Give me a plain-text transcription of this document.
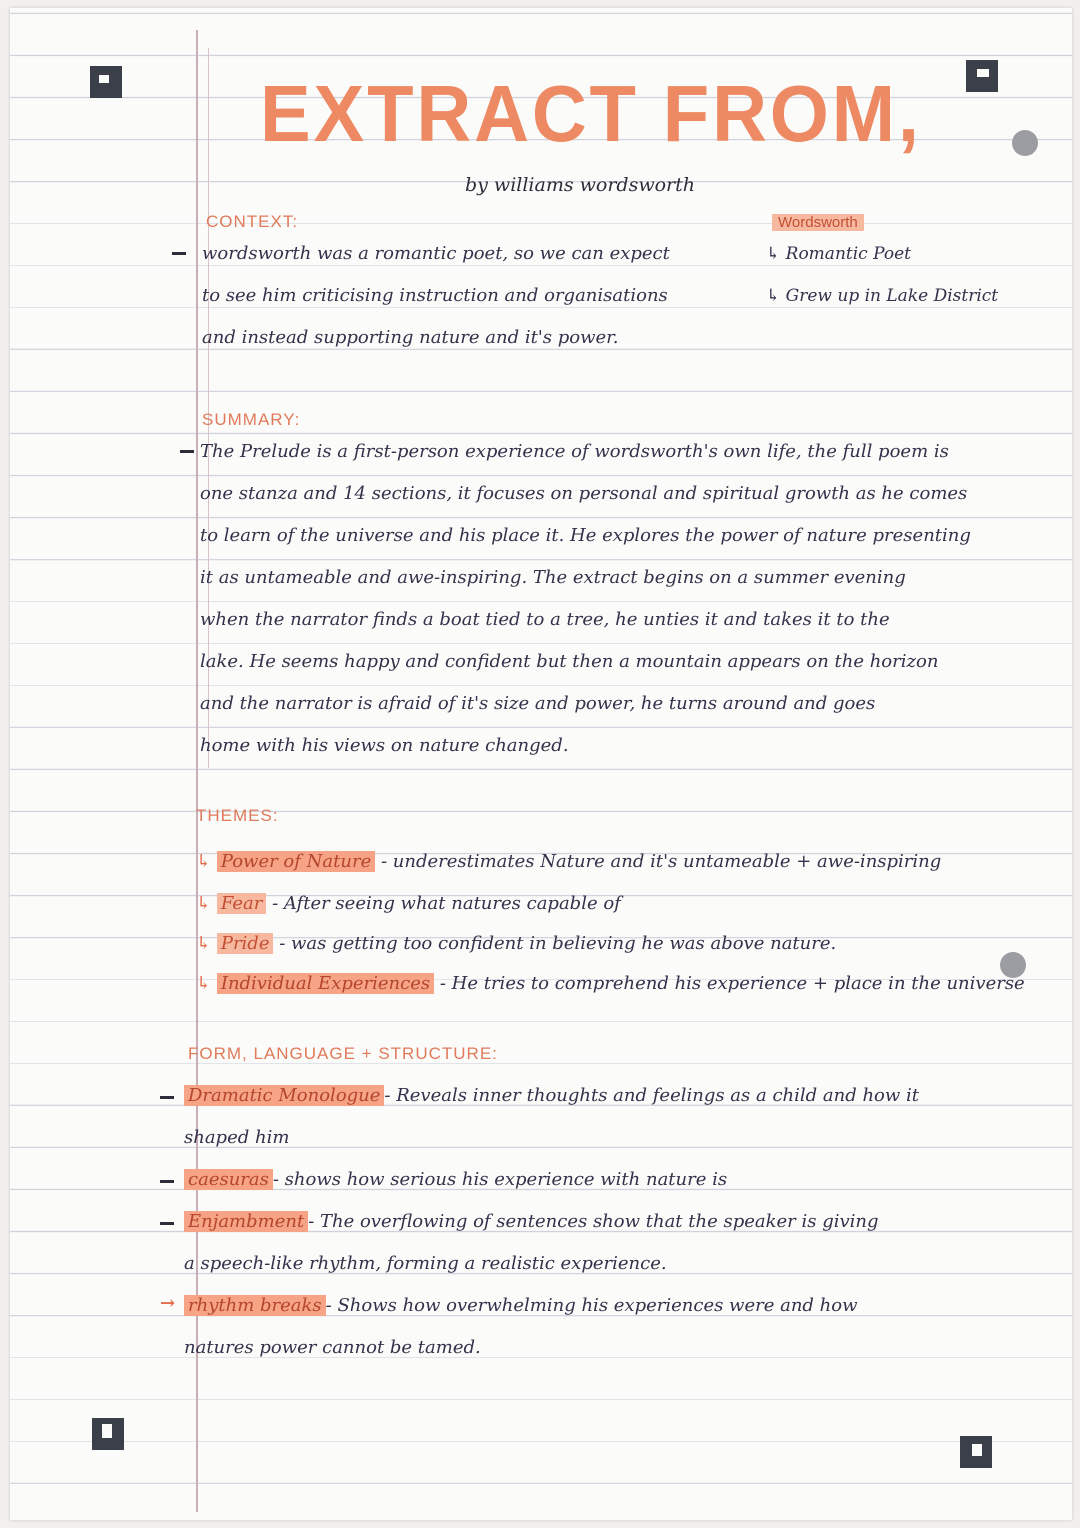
EXTRACT FROM,
by williams wordsworth
CONTEXT:
wordsworth was a romantic poet, so we can expect
to see him criticising instruction and organisations
and instead supporting nature and it's power.
Wordsworth
↳ Romantic Poet
↳ Grew up in Lake District
SUMMARY:
The Prelude is a first-person experience of wordsworth's own life, the full poem is
one stanza and 14 sections, it focuses on personal and spiritual growth as he comes
to learn of the universe and his place it. He explores the power of nature presenting
it as untameable and awe-inspiring. The extract begins on a summer evening
when the narrator finds a boat tied to a tree, he unties it and takes it to the
lake. He seems happy and confident but then a mountain appears on the horizon
and the narrator is afraid of it's size and power, he turns around and goes
home with his views on nature changed.
THEMES:
↳ Power of Nature - underestimates Nature and it's untameable + awe-inspiring
↳ Fear - After seeing what natures capable of
↳ Pride - was getting too confident in believing he was above nature.
↳ Individual Experiences - He tries to comprehend his experience + place in the universe
FORM, LANGUAGE + STRUCTURE:
Dramatic Monologue - Reveals inner thoughts and feelings as a child and how it
shaped him
caesuras - shows how serious his experience with nature is
Enjambment - The overflowing of sentences show that the speaker is giving
a speech-like rhythm, forming a realistic experience.
→ rhythm breaks - Shows how overwhelming his experiences were and how
natures power cannot be tamed.
